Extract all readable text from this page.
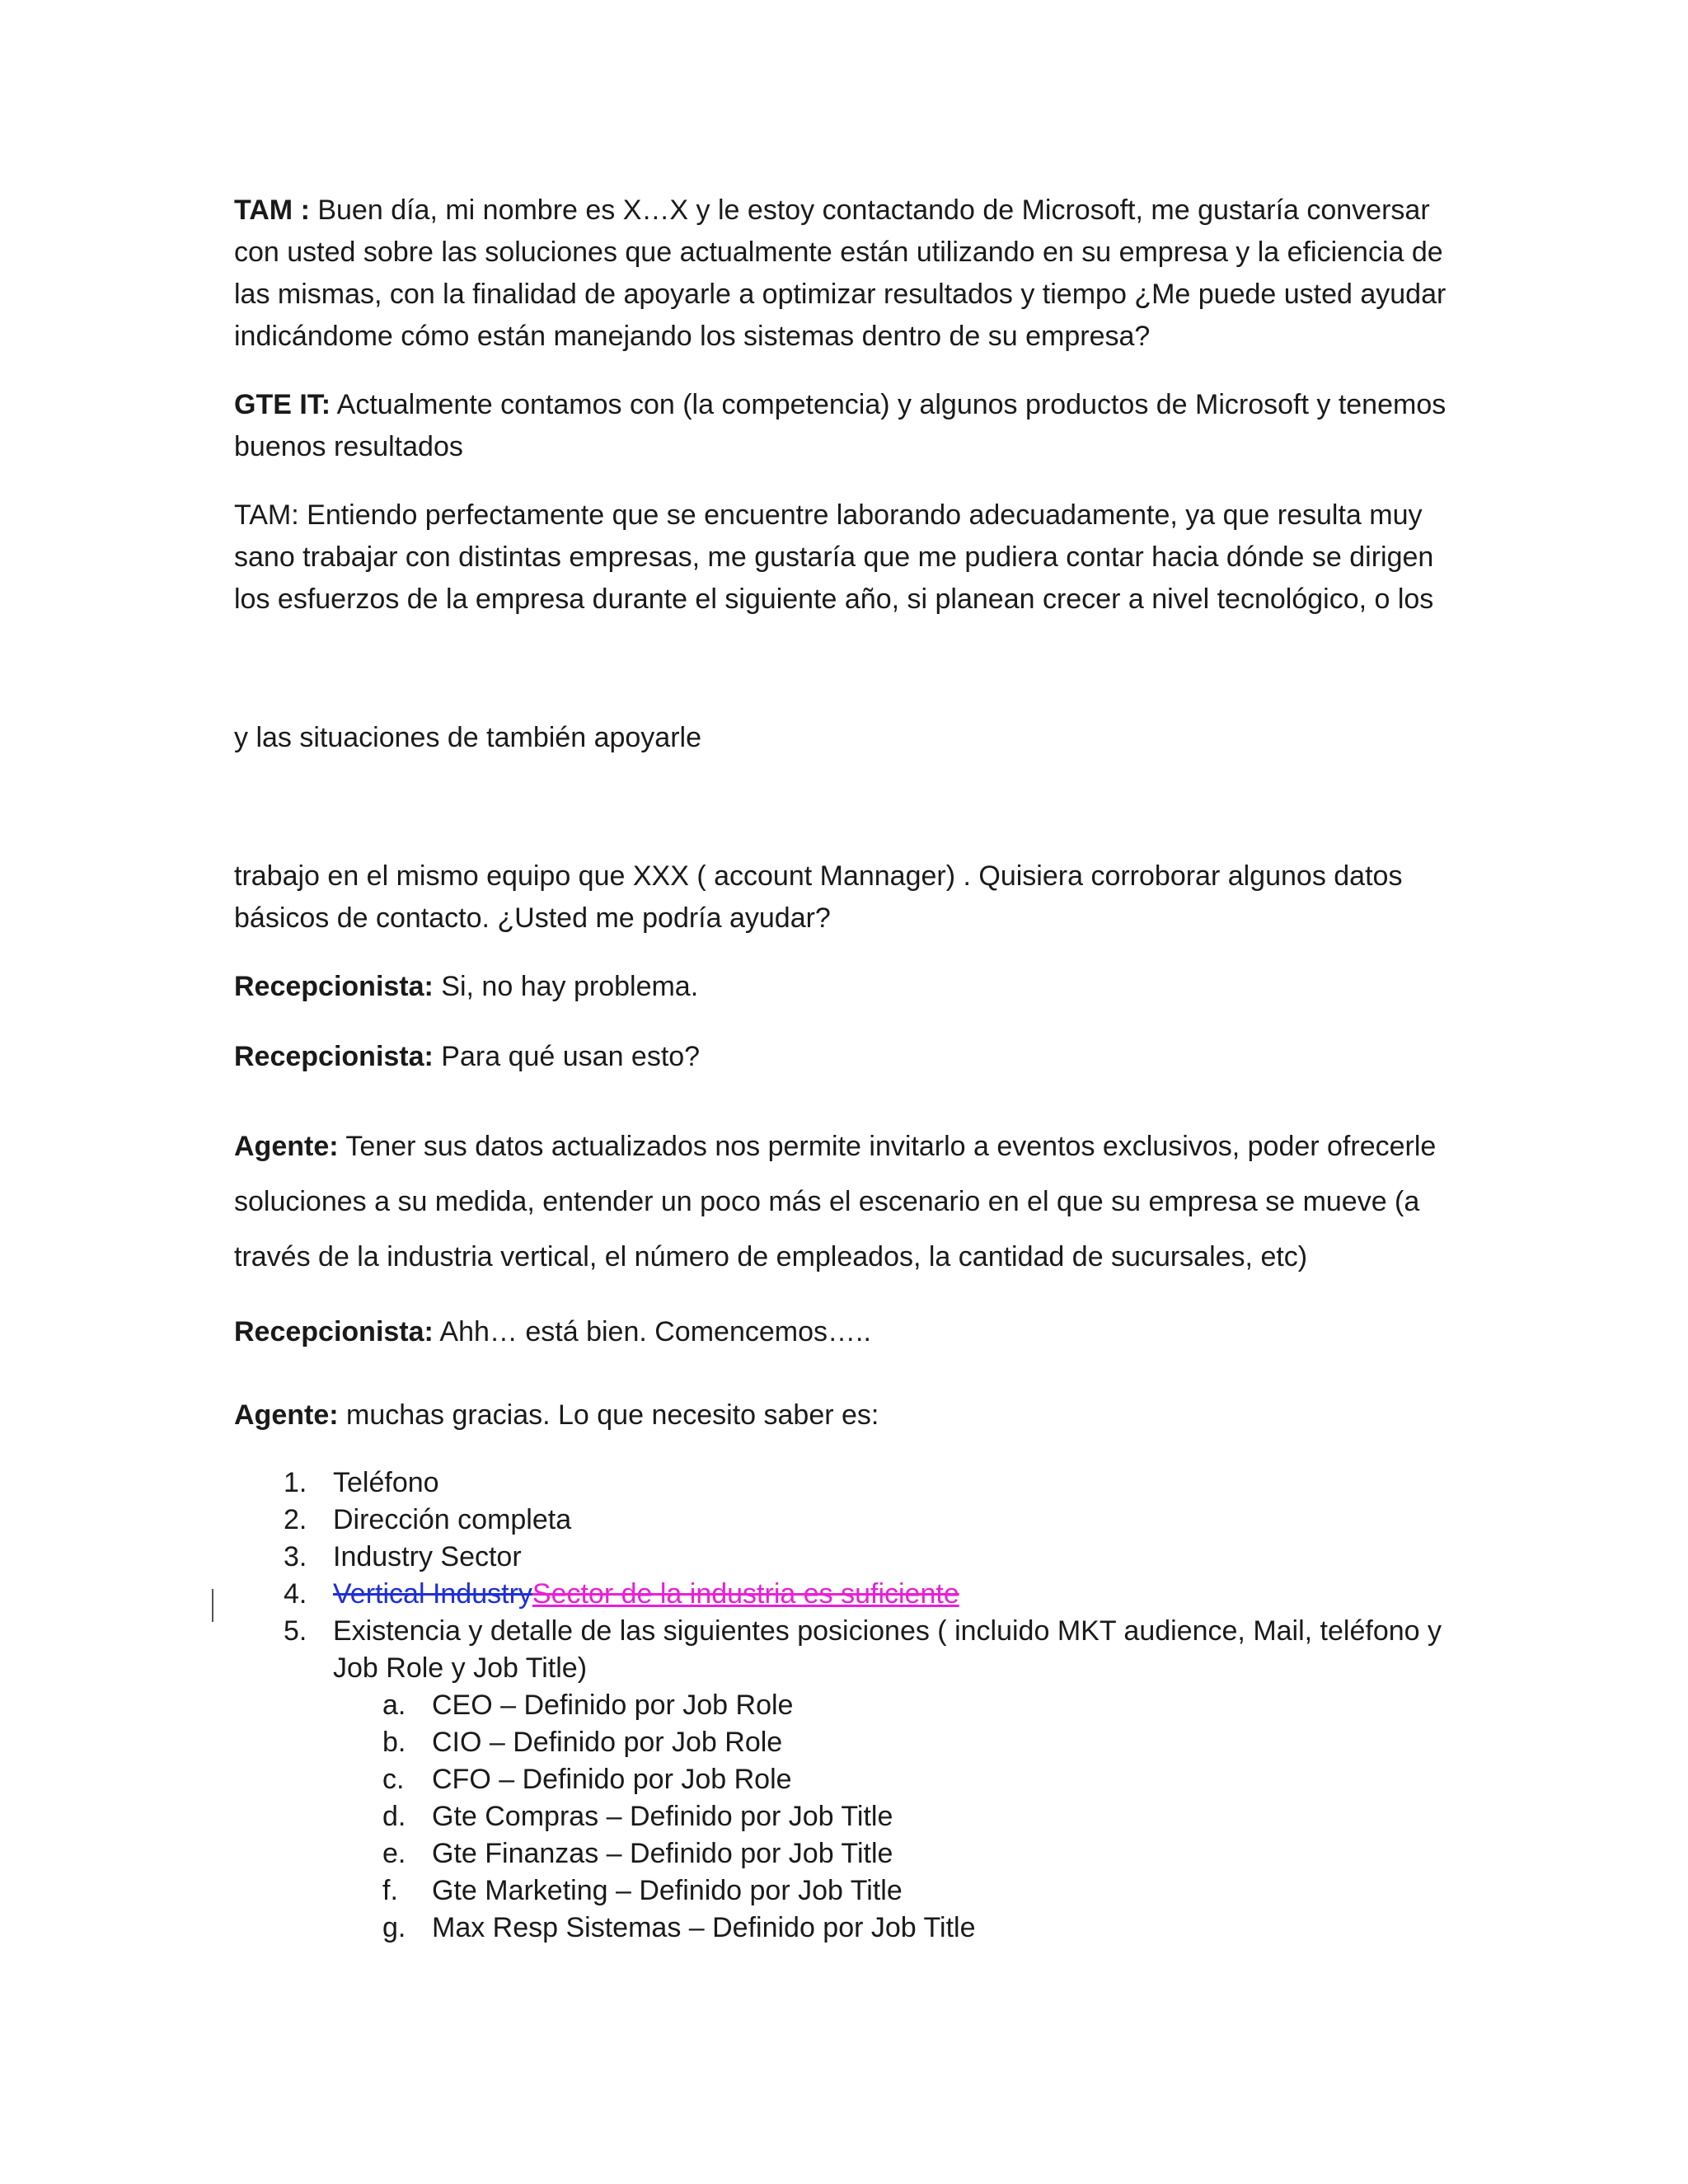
TAM : Buen día, mi nombre es X…X y le estoy contactando de Microsoft, me gustaría conversar con usted sobre las soluciones que actualmente están utilizando en su empresa y la eficiencia de las mismas, con la finalidad de apoyarle a optimizar resultados y tiempo ¿Me puede usted ayudar indicándome cómo están manejando los sistemas dentro de su empresa?

GTE IT: Actualmente contamos con (la competencia) y algunos productos de Microsoft y tenemos buenos resultados

TAM: Entiendo perfectamente que se encuentre laborando adecuadamente, ya que resulta muy sano trabajar con distintas empresas, me gustaría que me pudiera contar hacia dónde se dirigen los esfuerzos de la empresa durante el siguiente año, si planean crecer a nivel tecnológico, o los

y las situaciones de también apoyarle

trabajo en el mismo equipo que XXX ( account Mannager) . Quisiera corroborar algunos datos básicos de contacto. ¿Usted me podría ayudar?

Recepcionista: Si, no hay problema.

Recepcionista: Para qué usan esto?

Agente: Tener sus datos actualizados nos permite invitarlo a eventos exclusivos, poder ofrecerle soluciones a su medida, entender un poco más el escenario en el que su empresa se mueve (a través de la industria vertical, el número de empleados, la cantidad de sucursales, etc)

Recepcionista: Ahh… está bien. Comencemos…..

Agente: muchas gracias. Lo que necesito saber es:

1. Teléfono
2. Dirección completa
3. Industry Sector
4. Vertical IndustrySector de la industria es suficiente
5. Existencia y detalle de las siguientes posiciones ( incluido MKT audience, Mail, teléfono y Job Role y Job Title)
a. CEO – Definido por Job Role
b. CIO – Definido por Job Role
c. CFO – Definido por Job Role
d. Gte Compras – Definido por Job Title
e. Gte Finanzas – Definido por Job Title
f.	Gte Marketing – Definido por Job Title
g. Max Resp Sistemas – Definido por Job Title
